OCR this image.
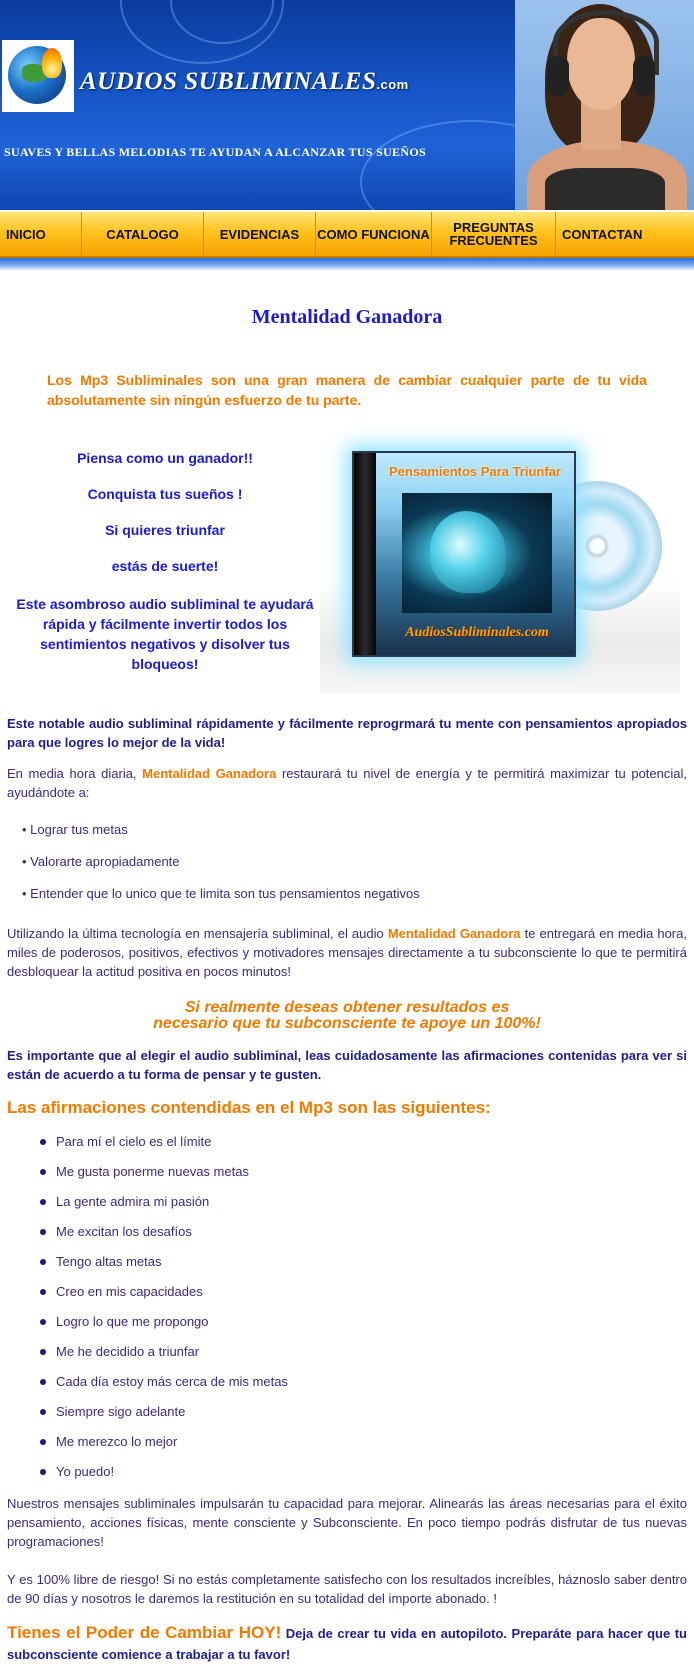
AUDIOS SUBLIMINALES.com
SUAVES Y BELLAS MELODIAS TE AYUDAN A ALCANZAR TUS SUEÑOS
INICIO	CATALOGO	EVIDENCIAS	COMO FUNCIONA	PREGUNTAS FRECUENTES	CONTACTAN
Mentalidad Ganadora

Los Mp3 Subliminales son una gran manera de cambiar cualquier parte de tu vida absolutamente sin ningún esfuerzo de tu parte.

Piensa como un ganador!!

Conquista tus sueños !

Si quieres triunfar

estás de suerte!

Este asombroso audio subliminal te ayudará rápida y fácilmente invertir todos los sentimientos negativos y disolver tus bloqueos!

Pensamientos Para Triunfar
AudiosSubliminales.com

Este notable audio subliminal rápidamente y fácilmente reprogrmará tu mente con pensamientos apropiados para que logres lo mejor de la vida!

En media hora diaria, Mentalidad Ganadora restaurará tu nivel de energía y te permitirá maximizar tu potencial, ayudándote a:

• Lograr tus metas
• Valorarte apropiadamente
• Entender que lo unico que te limita son tus pensamientos negativos

Utilizando la última tecnología en mensajería subliminal, el audio Mentalidad Ganadora te entregará en media hora, miles de poderosos, positivos, efectivos y motivadores mensajes directamente a tu subconsciente lo que te permitirá desbloquear la actitud positiva en pocos minutos!

Si realmente deseas obtener resultados es

necesario que tu subconsciente te apoye un 100%!

Es importante que al elegir el audio subliminal, leas cuidadosamente las afirmaciones contenidas para ver si están de acuerdo a tu forma de pensar y te gusten.

Las afirmaciones contendidas en el Mp3 son las siguientes:
Para mí el cielo es el límite
Me gusta ponerme nuevas metas
La gente admira mi pasión
Me excitan los desafíos
Tengo altas metas
Creo en mis capacidades
Logro lo que me propongo
Me he decidido a triunfar
Cada día estoy más cerca de mis metas
Siempre sigo adelante
Me merezco lo mejor
Yo puedo!

Nuestros mensajes subliminales impulsarán tu capacidad para mejorar. Alinearás las áreas necesarias para el éxito pensamiento, acciones físicas, mente consciente y Subconsciente. En poco tiempo podrás disfrutar de tus nuevas programaciones!

Y es 100% libre de riesgo! Si no estás completamente satisfecho con los resultados increíbles, házno​slo saber dentro de 90 días y nosotros le daremos la restitución en su totalidad del importe abonado. !

Tienes el Poder de Cambiar HOY! Deja de crear tu vida en autopiloto. Preparáte para hacer que tu subconsciente comience a trabajar a tu favor!
